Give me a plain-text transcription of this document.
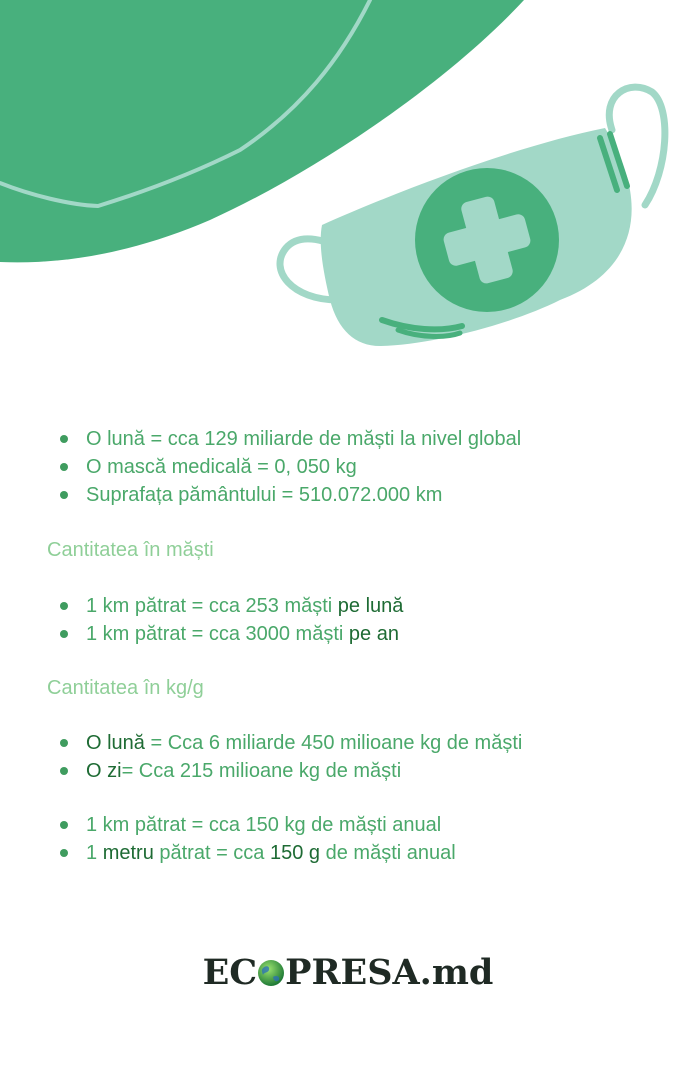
O lună = cca 129 miliarde de măști la nivel global
O mască medicală = 0, 050 kg
Suprafața pământului = 510.072.000 km
Cantitatea în măști
1 km pătrat = cca 253 măști pe lună
1 km pătrat = cca 3000 măști pe an
Cantitatea în kg/g
O lună = Cca 6 miliarde 450 milioane kg de măști
O zi= Cca 215 milioane kg de măști
1 km pătrat = cca 150 kg de măști anual
1 metru pătrat = cca 150 g de măști anual
EC PRESA.md
